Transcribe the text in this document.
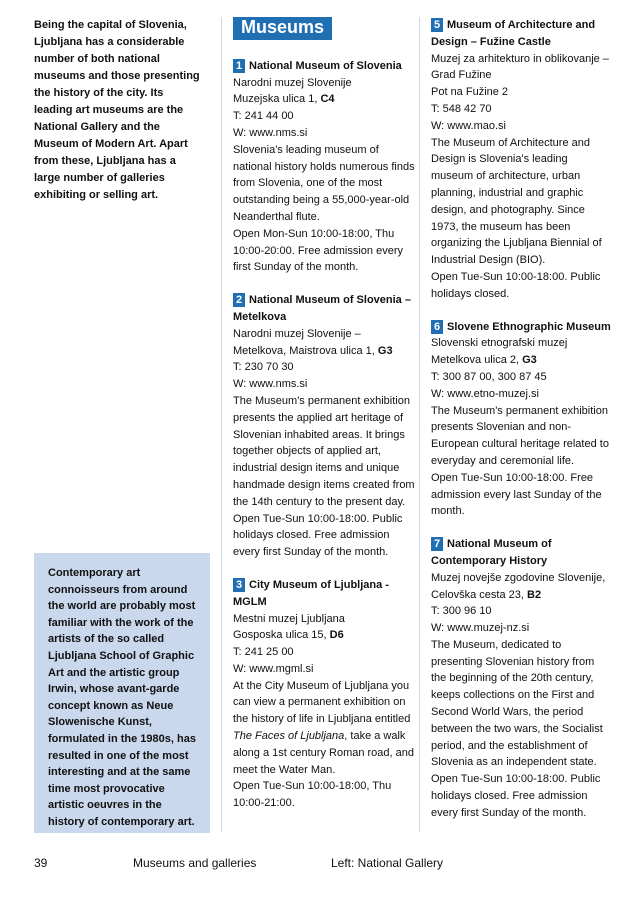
Being the capital of Slovenia, Ljubljana has a considerable number of both national museums and those presenting the history of the city. Its leading art museums are the National Gallery and the Museum of Modern Art. Apart from these, Ljubljana has a large number of galleries exhibiting or selling art.
Museums
1 National Museum of Slovenia
Narodni muzej Slovenije
Muzejska ulica 1, C4
T: 241 44 00
W: www.nms.si
Slovenia's leading museum of national history holds numerous finds from Slovenia, one of the most outstanding being a 55,000-year-old Neanderthal flute.
Open Mon-Sun 10:00-18:00, Thu 10:00-20:00. Free admission every first Sunday of the month.
2 National Museum of Slovenia – Metelkova
Narodni muzej Slovenije –
Metelkova, Maistrova ulica 1, G3
T: 230 70 30
W: www.nms.si
The Museum's permanent exhibition presents the applied art heritage of Slovenian inhabited areas. It brings together objects of applied art, industrial design items and unique handmade design items created from the 14th century to the present day.
Open Tue-Sun 10:00-18:00. Public holidays closed. Free admission every first Sunday of the month.
3 City Museum of Ljubljana - MGLM
Mestni muzej Ljubljana
Gosposka ulica 15, D6
T: 241 25 00
W: www.mgml.si
At the City Museum of Ljubljana you can view a permanent exhibition on the history of life in Ljubljana entitled The Faces of Ljubljana, take a walk along a 1st century Roman road, and meet the Water Man.
Open Tue-Sun 10:00-18:00, Thu 10:00-21:00.
5 Museum of Architecture and Design – Fužine Castle
Muzej za arhitekturo in oblikovanje – Grad Fužine
Pot na Fužine 2
T: 548 42 70
W: www.mao.si
The Museum of Architecture and Design is Slovenia's leading museum of architecture, urban planning, industrial and graphic design, and photography. Since 1973, the museum has been organizing the Ljubljana Biennial of Industrial Design (BIO).
Open Tue-Sun 10:00-18:00. Public holidays closed.
6 Slovene Ethnographic Museum
Slovenski etnografski muzej
Metelkova ulica 2, G3
T: 300 87 00, 300 87 45
W: www.etno-muzej.si
The Museum's permanent exhibition presents Slovenian and non-European cultural heritage related to everyday and ceremonial life.
Open Tue-Sun 10:00-18:00. Free admission every last Sunday of the month.
7 National Museum of Contemporary History
Muzej novejše zgodovine Slovenije, Celovška cesta 23, B2
T: 300 96 10
W: www.muzej-nz.si
The Museum, dedicated to presenting Slovenian history from the beginning of the 20th century, keeps collections on the First and Second World Wars, the period between the two wars, the Socialist period, and the establishment of Slovenia as an independent state.
Open Tue-Sun 10:00-18:00. Public holidays closed. Free admission every first Sunday of the month.
Contemporary art connoisseurs from around the world are probably most familiar with the work of the artists of the so called Ljubljana School of Graphic Art and the artistic group Irwin, whose avant-garde concept known as Neue Slowenische Kunst, formulated in the 1980s, has resulted in one of the most interesting and at the same time most provocative artistic oeuvres in the history of contemporary art.
39	Museums and galleries	Left: National Gallery
